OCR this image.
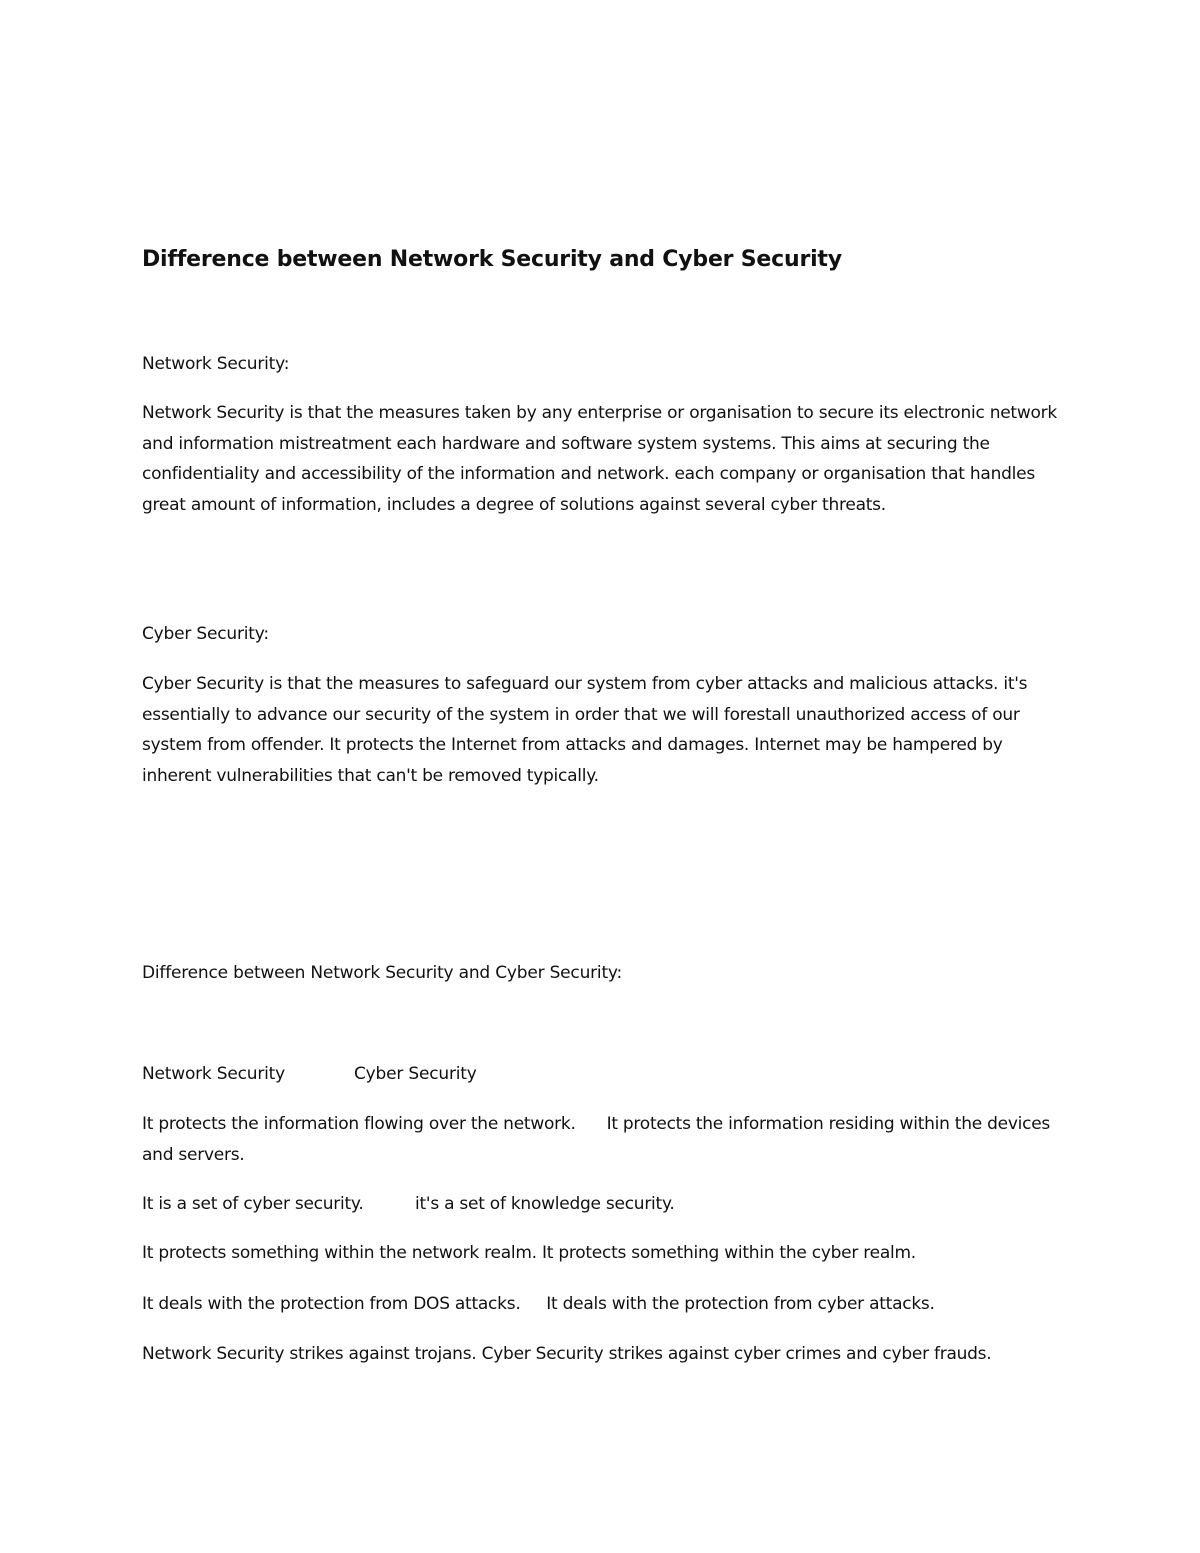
Difference between Network Security and Cyber Security

Network Security:

Network Security is that the measures taken by any enterprise or organisation to secure its electronic network and information mistreatment each hardware and software system systems. This aims at securing the confidentiality and accessibility of the information and network. each company or organisation that handles great amount of information, includes a degree of solutions against several cyber threats.

Cyber Security:

Cyber Security is that the measures to safeguard our system from cyber attacks and malicious attacks. it's essentially to advance our security of the system in order that we will forestall unauthorized access of our system from offender. It protects the Internet from attacks and damages. Internet may be hampered by inherent vulnerabilities that can't be removed typically.

Difference between Network Security and Cyber Security:

Network Security	Cyber Security

It protects the information flowing over the network. It protects the information residing within the devices and servers.

It is a set of cyber security.	it's a set of knowledge security.

It protects something within the network realm. It protects something within the cyber realm.

It deals with the protection from DOS attacks. It deals with the protection from cyber attacks.

Network Security strikes against trojans. Cyber Security strikes against cyber crimes and cyber frauds.
